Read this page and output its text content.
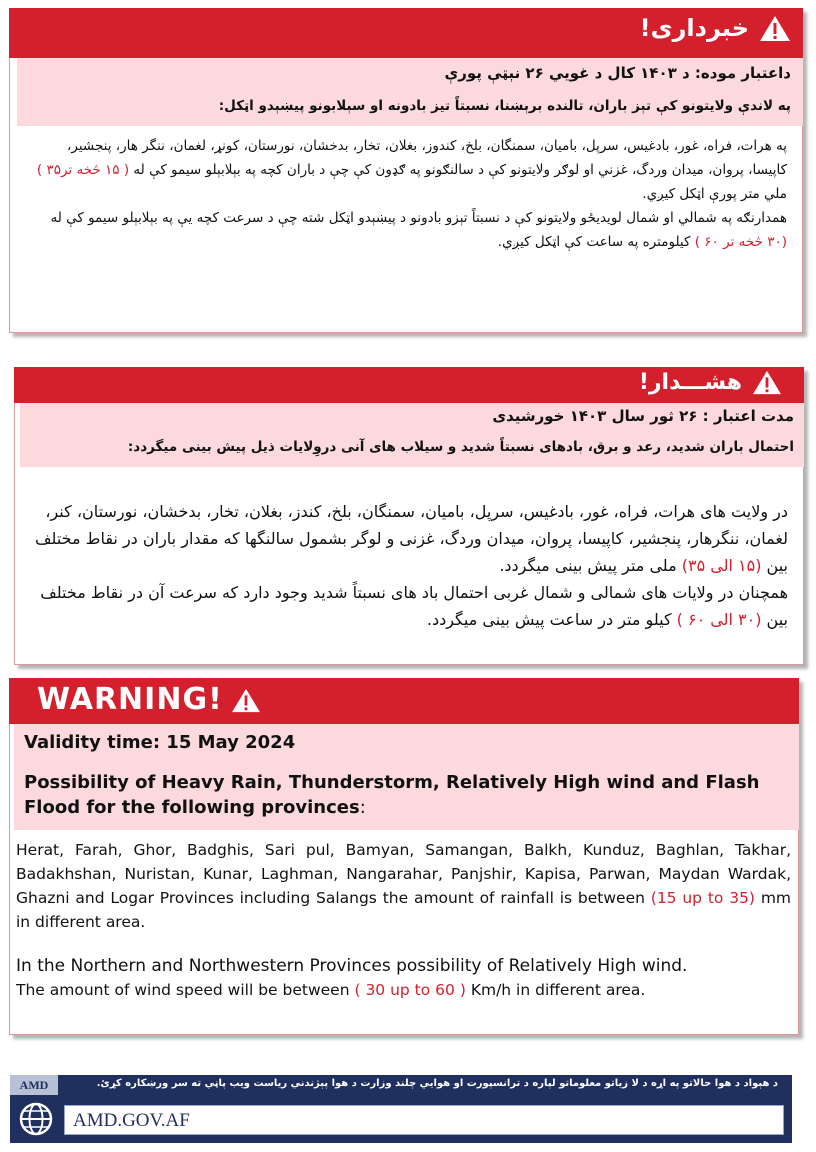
خبرداری!
داعتبار موده: د ۱۴۰۳ کال د غويي ۲۶ نېټې پورې
په لاندې ولايتونو کې تېز باران، تالنده برېښنا، نسبتاً تيز بادونه او سېلابونو پيښېدو اټکل:
په هرات، فراه، غور، بادغیس، سرپل، باميان، سمنگان، بلخ، کندوز، بغلان، تخار، بدخشان، نورستان، کونړ، لغمان، ننگر هار، پنجشير، کاپيسا، پروان، ميدان وردگ، غزني او لوګر ولايتونو کې د سالنګونو په ګډون کې چې د باران کچه په بېلابېلو سيمو کې له ( ۱۵ څخه تر۳۵ ) ملي متر پورې اټکل کيږي.
همدارنګه په شمالي او شمال لويديځو ولايتونو کې د نسبتاً تېزو بادونو د پيښېدو اټکل شته چې د سرعت کچه يې په بېلابېلو سيمو کې له (۳۰ څخه تر ۶۰ ) کيلومتره په ساعت کې اټکل کيږي.
هشـــدار!
مدت اعتبار : ۲۶ ثور سال ۱۴۰۳ خورشيدی
احتمال باران شديد، رعد و برق، بادهای نسبتاً شديد و سيلاب های آنی دروِلايات ذيل پيش بينی ميگردد:
در ولايت های هرات، فراه، غور، بادغيس، سرپل، باميان، سمنگان، بلخ، کندز، بغلان، تخار، بدخشان، نورستان، کنر، لغمان، ننگرهار، پنجشير، کاپيسا، پروان، ميدان وردگ، غزنی و لوگر بشمول سالنگها که مقدار باران در نقاط مختلف بين (۱۵ الی ۳۵) ملی متر پيش بينی ميگردد.
همچنان در ولايات های شمالی و شمال غربی احتمال باد های نسبتاً شديد وجود دارد که سرعت آن در نقاط مختلف بين (۳۰ الی ۶۰ ) کيلو متر در ساعت پيش بينی ميگردد.
WARNING!
Validity time: 15 May 2024
Possibility of Heavy Rain, Thunderstorm, Relatively High wind and Flash Flood for the following provinces:
Herat, Farah, Ghor, Badghis, Sari pul, Bamyan, Samangan, Balkh, Kunduz, Baghlan, Takhar, Badakhshan, Nuristan, Kunar, Laghman, Nangarahar, Panjshir, Kapisa, Parwan, Maydan Wardak, Ghazni and Logar Provinces including Salangs the amount of rainfall is between (15 up to 35) mm in different area.
In the Northern and Northwestern Provinces possibility of Relatively High wind.
The amount of wind speed will be between ( 30 up to 60 ) Km/h in different area.
AMD	د هېواد د هوا حالاتو په اړه د لا زياتو معلوماتو لپاره د ترانسپورت او هوايي چلند وزارت د هوا پېژندنې رياست ويب پاڼې ته سر ورښکاره کړئ.
AMD.GOV.AF
